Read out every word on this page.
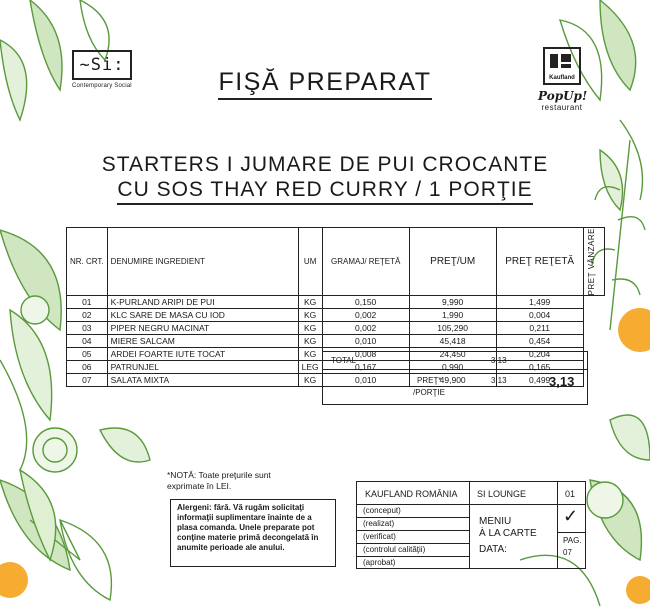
~Si:
Contemporary Social
Kaufland
PopUp!
restaurant
FIŞĂ PREPARAT
STARTERS I JUMARE DE PUI CROCANTE
CU SOS THAY RED CURRY / 1 PORŢIE
NR. CRT.	DENUMIRE INGREDIENT	UM	GRAMAJ/ REŢETĂ	PREŢ/UM	PREŢ REŢETĂ	PREŢ VÂNZARE

01	K-PURLAND ARIPI DE PUI	KG	0,150	9,990	1,499	
02	KLC SARE DE MASA CU IOD	KG	0,002	1,990	0,004	
03	PIPER NEGRU MACINAT	KG	0,002	105,290	0,211	
04	MIERE SALCAM	KG	0,010	45,418	0,454	
05	ARDEI FOARTE IUTE TOCAT	KG	0,008	24,450	0,204	
06	PATRUNJEL	LEG	0,167	0,990	0,165	
07	SALATA MIXTA	KG	0,010	49,900	0,499	
TOTAL	3,13
PREŢ*
/PORŢIE
3,13	3,13
*NOTĂ: Toate preţurile sunt exprimate în LEI.
Alergeni: fără. Vă rugăm solicitaţi informaţii suplimentare înainte de a plasa comanda. Unele preparate pot conţine materie primă decongelată în anumite perioade ale anului.
KAUFLAND ROMÂNIA SI LOUNGE	01
(conceput)
(realizat)
(verificat)
(controlul calităţii)
(aprobat)
MENIU
À LA CARTE
DATA:
✓
PAG.
07
